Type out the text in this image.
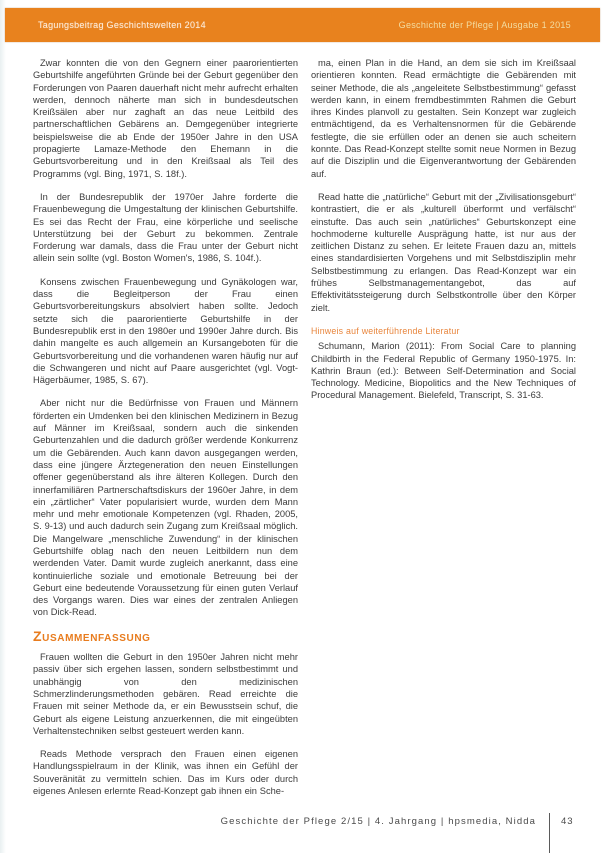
Tagungsbeitrag Geschichtswelten 2014	Geschichte der Pflege | Ausgabe 1 2015

Zwar konnten die von den Gegnern einer paarorientierten Geburtshilfe angeführten Gründe bei der Geburt gegenüber den Forderungen von Paaren dauerhaft nicht mehr aufrecht erhalten werden, dennoch näherte man sich in bundesdeutschen Kreißsälen aber nur zaghaft an das neue Leitbild des partnerschaftlichen Gebärens an. Demgegenüber integrierte beispielsweise die ab Ende der 1950er Jahre in den USA propagierte Lamaze-Methode den Ehemann in die Geburtsvorbereitung und in den Kreißsaal als Teil des Programms (vgl. Bing, 1971, S. 18f.).

In der Bundesrepublik der 1970er Jahre forderte die Frauenbewegung die Umgestaltung der klinischen Geburtshilfe. Es sei das Recht der Frau, eine körperliche und seelische Unterstützung bei der Geburt zu bekommen. Zentrale Forderung war damals, dass die Frau unter der Geburt nicht allein sein sollte (vgl. Boston Women's, 1986, S. 104f.).

Konsens zwischen Frauenbewegung und Gynäkologen war, dass die Begleitperson der Frau einen Geburtsvorbereitungskurs absolviert haben sollte. Jedoch setzte sich die paarorientierte Geburtshilfe in der Bundesrepublik erst in den 1980er und 1990er Jahre durch. Bis dahin mangelte es auch allgemein an Kursangeboten für die Geburtsvorbereitung und die vorhandenen waren häufig nur auf die Schwangeren und nicht auf Paare ausgerichtet (vgl. Vogt-Hägerbäumer, 1985, S. 67).

Aber nicht nur die Bedürfnisse von Frauen und Männern förderten ein Umdenken bei den klinischen Medizinern in Bezug auf Männer im Kreißsaal, sondern auch die sinkenden Geburtenzahlen und die dadurch größer werdende Konkurrenz um die Gebärenden. Auch kann davon ausgegangen werden, dass eine jüngere Ärztegeneration den neuen Einstellungen offener gegenüberstand als ihre älteren Kollegen. Durch den innerfamiliären Partnerschaftsdiskurs der 1960er Jahre, in dem ein „zärtlicher“ Vater popularisiert wurde, wurden dem Mann mehr und mehr emotionale Kompetenzen (vgl. Rhaden, 2005, S. 9-13) und auch dadurch sein Zugang zum Kreißsaal möglich. Die Mangelware „menschliche Zuwendung“ in der klinischen Geburtshilfe oblag nach den neuen Leitbildern nun dem werdenden Vater. Damit wurde zugleich anerkannt, dass eine kontinuierliche soziale und emotionale Betreuung bei der Geburt eine bedeutende Voraussetzung für einen guten Verlauf des Vorgangs waren. Dies war eines der zentralen Anliegen von Dick-Read.

Zusammenfassung

Frauen wollten die Geburt in den 1950er Jahren nicht mehr passiv über sich ergehen lassen, sondern selbstbestimmt und unabhängig von den medizinischen Schmerzlinderungsmethoden gebären. Read erreichte die Frauen mit seiner Methode da, er ein Bewusstsein schuf, die Geburt als eigene Leistung anzuerkennen, die mit eingeübten Verhaltenstechniken selbst gesteuert werden kann.

Reads Methode versprach den Frauen einen eigenen Handlungsspielraum in der Klinik, was ihnen ein Gefühl der Souveränität zu vermitteln schien. Das im Kurs oder durch eigenes Anlesen erlernte Read-Konzept gab ihnen ein Sche-

ma, einen Plan in die Hand, an dem sie sich im Kreißsaal orientieren konnten. Read ermächtigte die Gebärenden mit seiner Methode, die als „angeleitete Selbstbestimmung“ gefasst werden kann, in einem fremdbestimmten Rahmen die Geburt ihres Kindes planvoll zu gestalten. Sein Konzept war zugleich entmächtigend, da es Verhaltensnormen für die Gebärende festlegte, die sie erfüllen oder an denen sie auch scheitern konnte. Das Read-Konzept stellte somit neue Normen in Bezug auf die Disziplin und die Eigenverantwortung der Gebärenden auf.

Read hatte die „natürliche“ Geburt mit der „Zivilisationsgeburt“ kontrastiert, die er als „kulturell überformt und verfälscht“ einstufte. Das auch sein „natürliches“ Geburtskonzept eine hochmoderne kulturelle Ausprägung hatte, ist nur aus der zeitlichen Distanz zu sehen. Er leitete Frauen dazu an, mittels eines standardisierten Vorgehens und mit Selbstdisziplin mehr Selbstbestimmung zu erlangen. Das Read-Konzept war ein frühes Selbstmanagementangebot, das auf Effektivitätssteigerung durch Selbstkontrolle über den Körper zielt.

Hinweis auf weiterführende Literatur

Schumann, Marion (2011): From Social Care to planning Childbirth in the Federal Republic of Germany 1950-1975. In: Kathrin Braun (ed.): Between Self-Determination and Social Technology. Medicine, Biopolitics and the New Techniques of Procedural Management. Bielefeld, Transcript, S. 31-63.

Geschichte der Pflege 2/15 | 4. Jahrgang | hpsmedia, Nidda	43
